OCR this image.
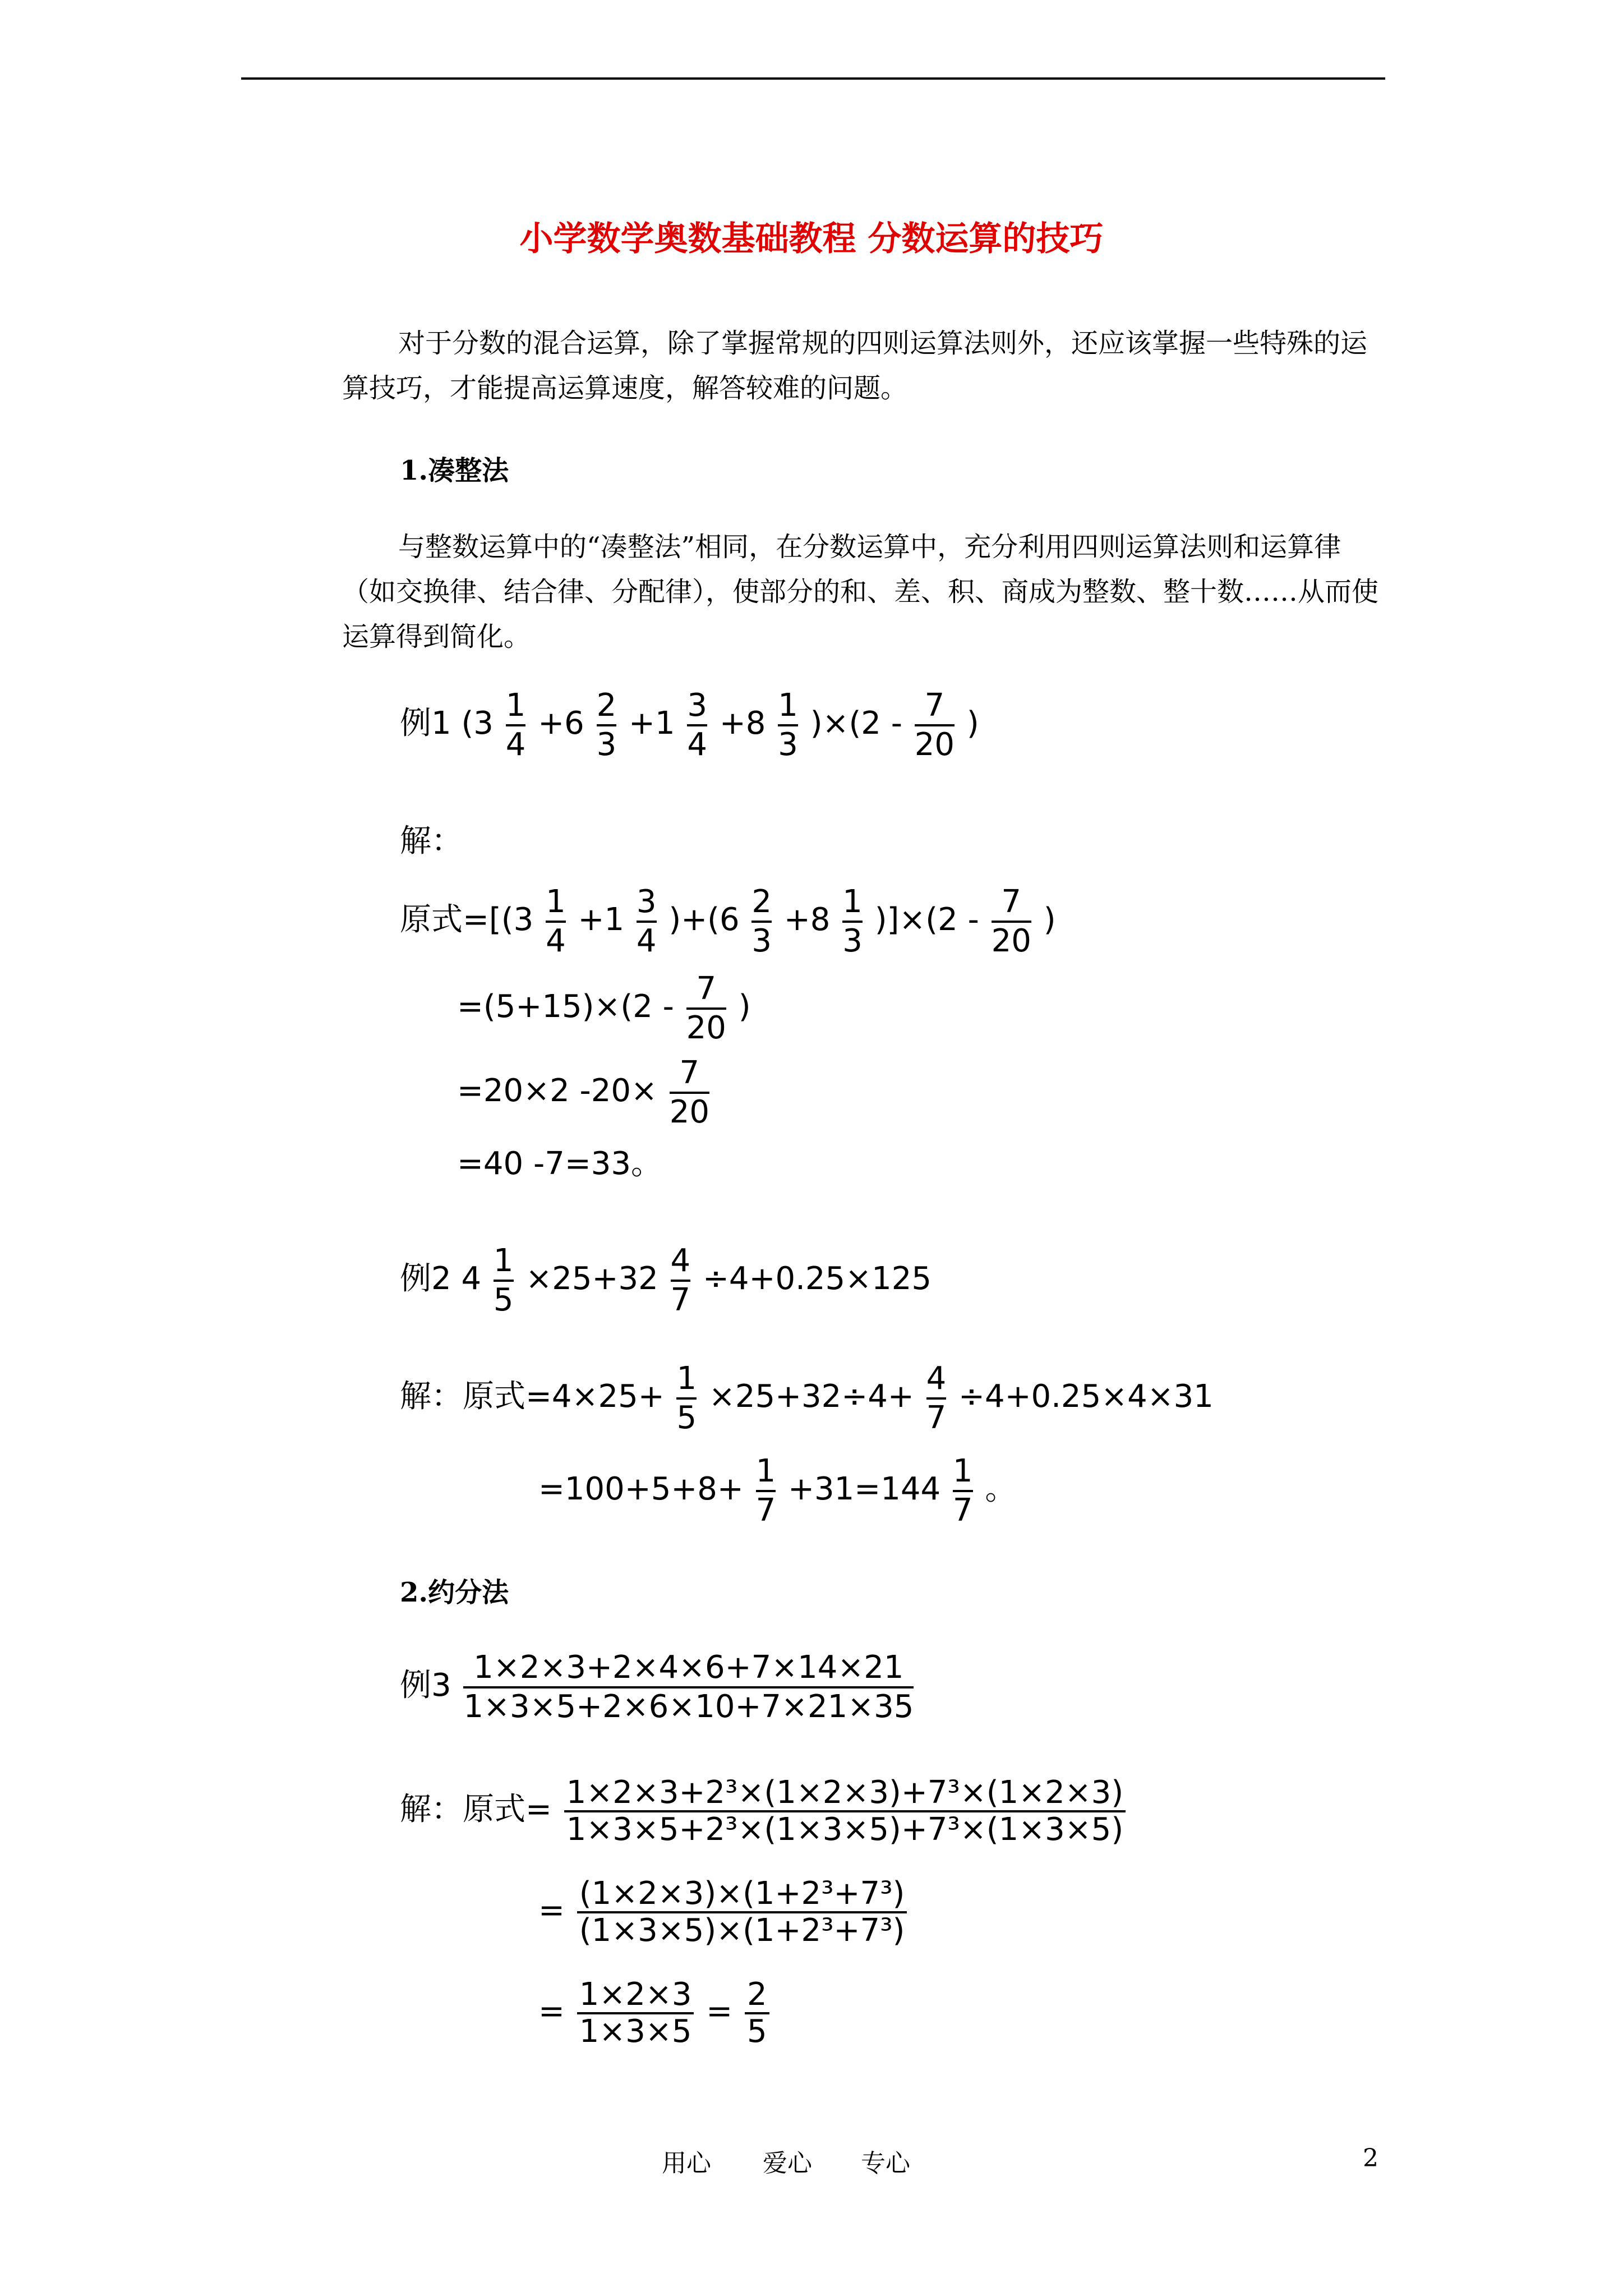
小学数学奥数基础教程 分数运算的技巧
对于分数的混合运算，除了掌握常规的四则运算法则外，还应该掌握一些特殊的运算技巧，才能提高运算速度，解答较难的问题。
1.凑整法
与整数运算中的“凑整法”相同，在分数运算中，充分利用四则运算法则和运算律（如交换律、结合律、分配律），使部分的和、差、积、商成为整数、整十数……从而使运算得到简化。
例1 $(3 \frac{1}{4} +6 \frac{2}{3} +1 \frac{3}{4} +8 \frac{1}{3} )\times(2 - \frac{7}{20}$ )
解：
原式$=[(3 \frac{1}{4} +1 \frac{3}{4} )+(6 \frac{2}{3} +8 \frac{1}{3} )]\times(2 - \frac{7}{20}$ )
$=(5+15)\times(2 - \frac{7}{20}$ )
=20×2 $-20\times \frac{7}{20}$
=40 -7=33。
例2 $4 \frac{1}{5} \times 25+32 \frac{4}{7} \div 4+0.25\times 125$
解：原式$=4\times 25+ \frac{1}{5} \times 25+32\div 4+ \frac{4}{7} \div 4+0.25\times 4\times 31$
$=100+5+8+ \frac{1}{7} +31=144 \frac{1}{7}$ 。
2.约分法
例$3 \frac{1\times 2\times 3+2\times 4\times 6+7\times 14\times 21}{1\times 3\times 5+2\times 6\times 10+7\times 21\times 35}$
解：原式= $\frac{\text{1×2×3+2³×(1×2×3)+7³×(1×2×3)}}{\text{1×3×5+2³×(1×3×5)+7³×(1×3×5)}}$
= $\frac{\text{(1×2×3)×(1+2³+7³)}}{\text{(1×3×5)×(1+2³+7³)}}$
= $\frac{1\times 2\times 3}{1\times 3\times 5} = \frac{2}{5}$
用心 爱心 专心	2
